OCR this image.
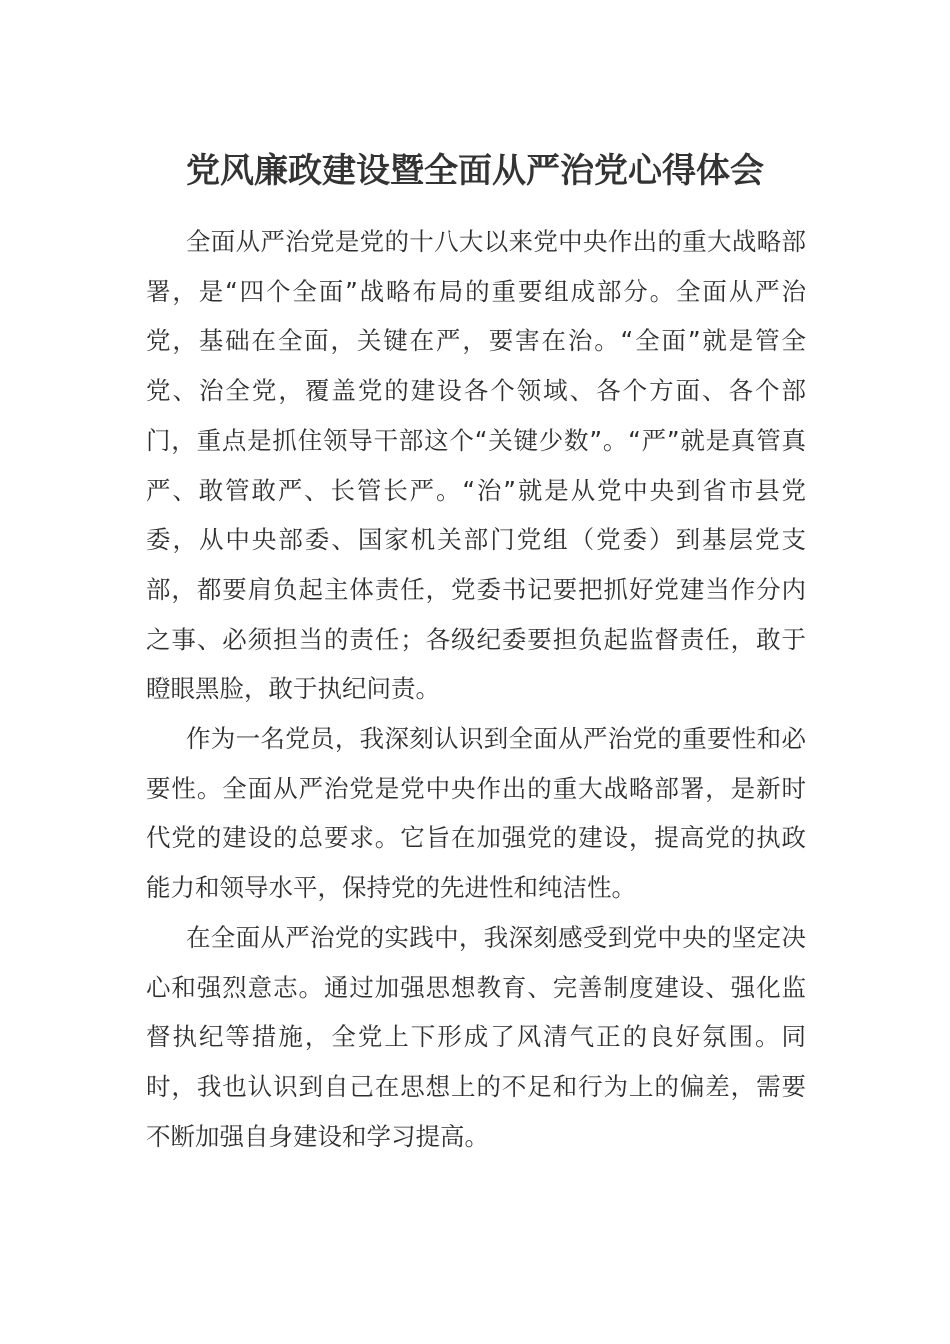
党风廉政建设暨全面从严治党心得体会

全面从严治党是党的十八大以来党中央作出的重大战略部署，是“四个全面”战略布局的重要组成部分。全面从严治党，基础在全面，关键在严，要害在治。“全面”就是管全党、治全党，覆盖党的建设各个领域、各个方面、各个部门，重点是抓住领导干部这个“关键少数”。“严”就是真管真严、敢管敢严、长管长严。“治”就是从党中央到省市县党委，从中央部委、国家机关部门党组（党委）到基层党支部，都要肩负起主体责任，党委书记要把抓好党建当作分内之事、必须担当的责任；各级纪委要担负起监督责任，敢于瞪眼黑脸，敢于执纪问责。

作为一名党员，我深刻认识到全面从严治党的重要性和必要性。全面从严治党是党中央作出的重大战略部署，是新时代党的建设的总要求。它旨在加强党的建设，提高党的执政能力和领导水平，保持党的先进性和纯洁性。

在全面从严治党的实践中，我深刻感受到党中央的坚定决心和强烈意志。通过加强思想教育、完善制度建设、强化监督执纪等措施，全党上下形成了风清气正的良好氛围。同时，我也认识到自己在思想上的不足和行为上的偏差，需要不断加强自身建设和学习提高。
